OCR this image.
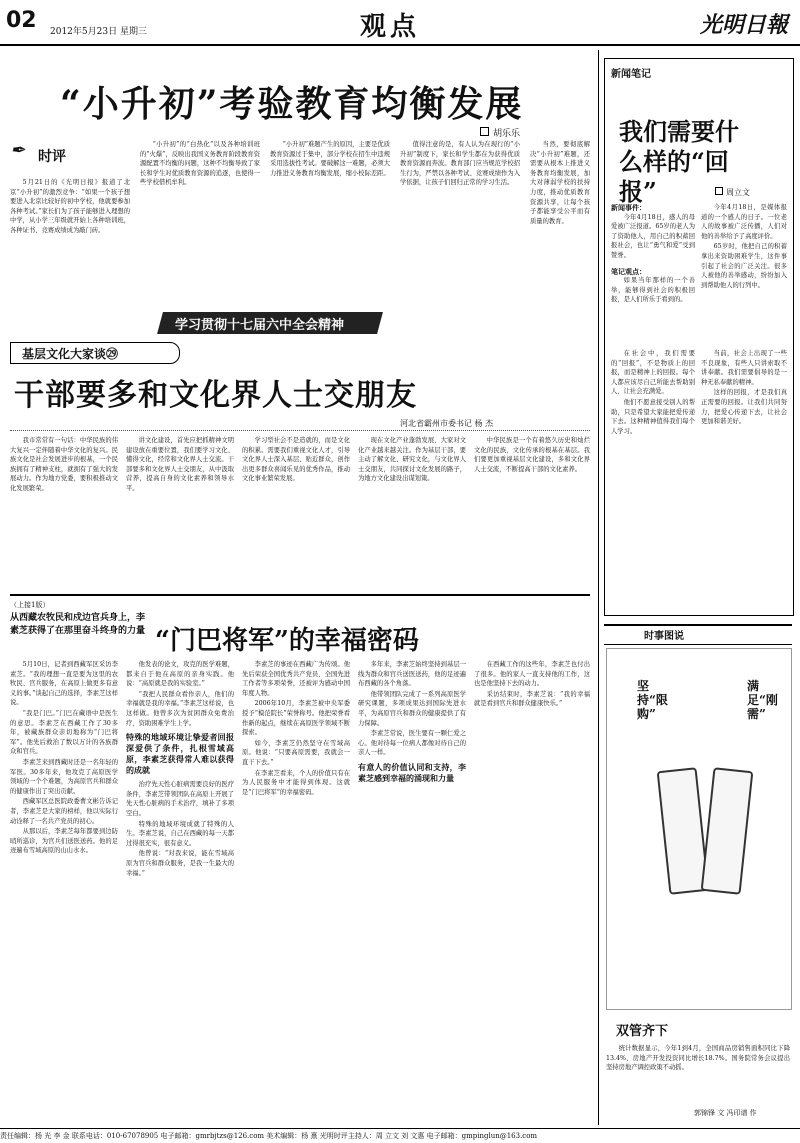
02 2012年5月23日 星期三	观点	光明日報
“小升初”考验教育均衡发展
胡乐乐
✒ 时评

5月21日的《光明日报》报道了北京“小升初”的激烈竞争：“如果一个孩子想要进入北京比较好的初中学校，他就要参加各种考试。”家长们为了孩子能够进入理想的中学，从小学三年级就开始上各种培训班，各种证书、竞赛成绩成为敲门砖。

“小升初”的“白热化”以及各种培训班的“火爆”，反映出我国义务教育阶段教育资源配置不均衡的问题，这种不均衡导致了家长和学生对优质教育资源的追逐，也使得一些学校借机牟利。

“小升初”难题产生的原因，主要是优质教育资源过于集中，部分学校在招生中违规采用选拔性考试。要破解这一难题，必须大力推进义务教育均衡发展，缩小校际差距。

值得注意的是，有人认为在现行的“小升初”制度下，家长和学生都在为获得优质教育资源而奔波。教育部门应当规范学校招生行为，严禁以各种考试、竞赛成绩作为入学依据，让孩子们回归正常的学习生活。

当然，要彻底解决“小升初”难题，还需要从根本上推进义务教育均衡发展，加大对薄弱学校的扶持力度，推动优质教育资源共享，让每个孩子都能享受公平而有质量的教育。

学习贯彻十七届六中全会精神
基层文化大家谈㉙
干部要多和文化界人士交朋友
河北省霸州市委书记 杨 杰

我市常常有一句话：中华民族的伟大复兴一定伴随着中华文化的复兴。民族文化是社会发展进步的根基，一个民族拥有了精神支柱，就拥有了强大的发展动力。作为地方党委，要积极推动文化发展繁荣。

讲文化建设，首先应把抓精神文明建设放在重要位置，我们要学习文化、懂得文化，经常和文化界人士交流。干部要多和文化界人士交朋友，从中汲取营养，提高自身的文化素养和领导水平。

学习型社会不是造就的，而是文化的积累。需要我们重视文化人才，引导文化界人士深入基层、贴近群众，创作出更多群众喜闻乐见的优秀作品，推动文化事业繁荣发展。

现在文化产业蓬勃发展，大家对文化产业越来越关注。作为基层干部，要主动了解文化、研究文化，与文化界人士交朋友，共同探讨文化发展的路子，为地方文化建设出谋划策。

中华民族是一个有着悠久历史和灿烂文化的民族，文化传承的根基在基层。我们要更加重视基层文化建设，多和文化界人士交流，不断提高干部的文化素养。

（上接1版）
从西藏农牧民和戍边官兵身上，李素芝获得了在那里奋斗终身的力量 “门巴将军”的幸福密码

5月10日，记者到西藏军区采访李素芝。“我的理想一直是要为这里的农牧民、官兵服务，在高原上做更多有意义的事。”谈起自己的选择，李素芝这样说。

“我是门巴。”门巴在藏语中是医生的意思。李素芝在西藏工作了30多年，被藏族群众亲切地称为“门巴将军”。他先后救治了数以万计的各族群众和官兵。

李素芝来到西藏时还是一名年轻的军医。30多年来，他攻克了高原医学领域的一个个难题，为高原官兵和群众的健康作出了突出贡献。

西藏军区总医院政委曹文彬告诉记者，李素芝是大家的榜样，他以实际行动诠释了一名共产党员的初心。

从那以后，李素芝每年都要到边防哨所巡诊，为官兵们送医送药。他的足迹遍布雪域高原的山山水水。

他发表的论文，攻克的医学难题，都来自于他在高原的亲身实践。他说：“高原就是我的实验室。”

“我把人民群众看作亲人，他们的幸福就是我的幸福。”李素芝这样说，也这样做。他曾多次为贫困群众免费治疗，资助困难学生上学。

特殊的地域环境让挚爱者回报深爱供了条件，扎根雪域高原，李素芝获得常人难以获得的成就

治疗先天性心脏病需要良好的医疗条件，李素芝带领团队在高原上开展了先天性心脏病的手术治疗，填补了多项空白。

特殊的地域环境成就了特殊的人生。李素芝说，自己在西藏的每一天都过得很充实，很有意义。

他曾说：“对我来说，能在雪域高原为官兵和群众服务，是我一生最大的幸福。”

李素芝的事迹在西藏广为传颂。他先后荣获全国优秀共产党员、全国先进工作者等多项荣誉，还被评为感动中国年度人物。

2006年10月，李素芝被中央军委授予“模范院长”荣誉称号。他把荣誉看作新的起点，继续在高原医学领域不断探索。

如今，李素芝仍然坚守在雪域高原。他说：“只要高原需要，我就会一直干下去。”

在李素芝看来，个人的价值只有在为人民服务中才能得到体现。这就是“门巴将军”的幸福密码。

多年来，李素芝始终坚持到基层一线为群众和官兵送医送药，他的足迹遍布西藏的各个角落。

他带领团队完成了一系列高原医学研究课题，多项成果达到国际先进水平，为高原官兵和群众的健康提供了有力保障。

李素芝常说，医生要有一颗仁爱之心。他对待每一位病人都像对待自己的亲人一样。

有意人的价值认同和支持，李素芝感到幸福的涌现和力量

在西藏工作的这些年，李素芝也付出了很多。他的家人一直支持他的工作，这也是他坚持下去的动力。

采访结束时，李素芝说：“我的幸福就是看到官兵和群众健康快乐。”

新闻笔记
我们需要什么样的“回报”	周立文
新闻事件：

今年4月18日，感人的母爱被广泛报道。65岁的老人为了资助他人，用自己的积蓄回报社会，也让“勇气和爱”受到赞誉。

笔记观点：

如果当年那样的一个善举，能够得到社会的积极回报，是人们所乐于看到的。

今年4月18日，是媒体报道的一个感人的日子。一位老人的故事被广泛传播，人们对他的善举给予了高度评价。

65岁时，他把自己的积蓄拿出来资助困难学生，这件事引起了社会的广泛关注。很多人被他的善举感动，纷纷加入到帮助他人的行列中。

在社会中，我们需要的“回报”，不是物质上的回报，而是精神上的回报。每个人都应该尽自己所能去帮助别人，让社会充满爱。

他们不愿意接受别人的帮助，只是希望大家能把爱传递下去。这种精神值得我们每个人学习。

当前，社会上出现了一些不良现象，有些人只讲索取不讲奉献。我们需要倡导的是一种无私奉献的精神。

这样的回报，才是我们真正需要的回报。让我们共同努力，把爱心传递下去，让社会更加和谐美好。

时事图说
坚持“限购”
满足“刚需”
双管齐下

统计数据显示，今年1到4月，全国商品房销售面积同比下降13.4%，房地产开发投资同比增长18.7%。国务院常务会议提出坚持房地产调控政策不动摇。

郭锦锋 文 冯印谱 作
责任编辑：杨 光 李 金 联系电话：010-67078905 电子邮箱：gmrbjtzs@126.com 美术编辑：杨 熹 光明时评主持人：周 立文 刘 文惠 电子邮箱：gmpinglun@163.com
